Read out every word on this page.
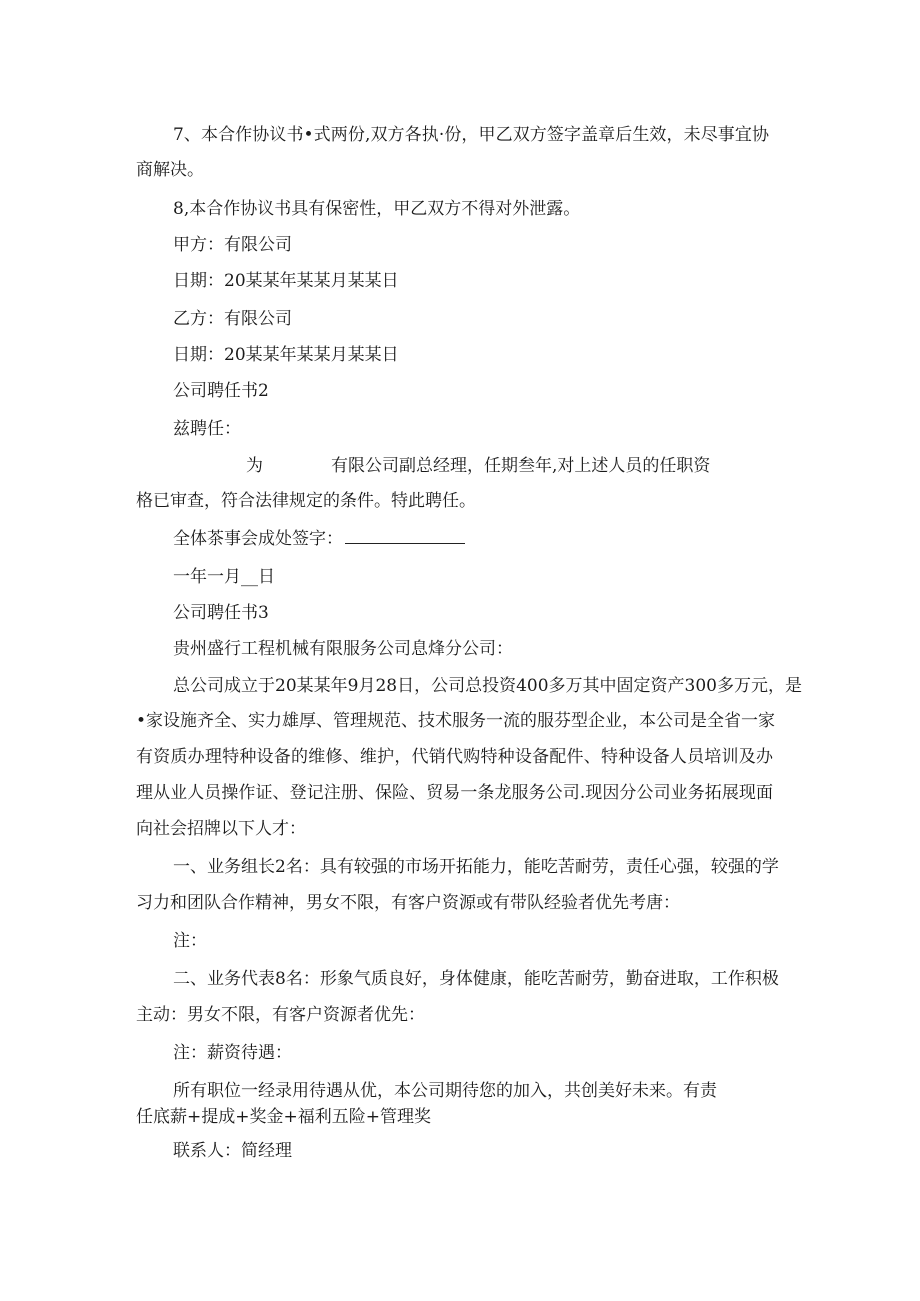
7、本合作协议书•式两份,双方各执·份，甲乙双方签字盖章后生效，未尽事宜协

商解决。

8,本合作协议书具有保密性，甲乙双方不得对外泄露。

甲方：有限公司

日期：20某某年某某月某某日

乙方：有限公司

日期：20某某年某某月某某日

公司聘任书2

兹聘任：

为	有限公司副总经理，任期叁年,对上述人员的任职资

格已审查，符合法律规定的条件。特此聘任。

全体茶事会成处签字：

一年一月__日

公司聘任书3

贵州盛行工程机械有限服务公司息烽分公司：

总公司成立于20某某年9月28日，公司总投资400多万其中固定资产300多万元，是

•家设施齐全、实力雄厚、管理规范、技术服务一流的服芬型企业，本公司是全省一家

有资质办理特种设备的维修、维护，代销代购特种设备配件、特种设备人员培训及办

理从业人员操作证、登记注册、保险、贸易一条龙服务公司.现因分公司业务拓展现面

向社会招牌以下人才：

一、业务组长2名：具有较强的市场开拓能力，能吃苦耐劳，责任心强，较强的学

习力和团队合作精神，男女不限，有客户资源或有带队经验者优先考唐：

注：

二、业务代表8名：形象气质良好，身体健康，能吃苦耐劳，勤奋进取，工作积极

主动：男女不限，有客户资源者优先：

注：薪资待遇：

所有职位一经录用待遇从优，本公司期待您的加入，共创美好未来。有责

任底薪+提成+奖金+福利五险+管理奖

联系人：简经理
